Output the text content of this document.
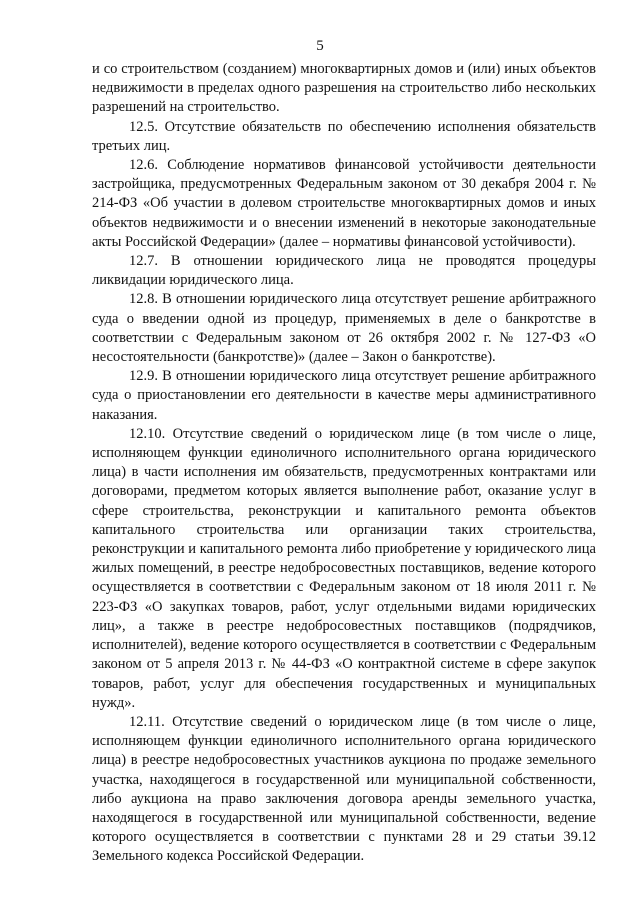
5

и со строительством (созданием) многоквартирных домов и (или) иных объектов недвижимости в пределах одного разрешения на строительство либо нескольких разрешений на строительство.

12.5. Отсутствие обязательств по обеспечению исполнения обязательств третьих лиц.

12.6. Соблюдение нормативов финансовой устойчивости деятельности застройщика, предусмотренных Федеральным законом от 30 декабря 2004 г. № 214-ФЗ «Об участии в долевом строительстве многоквартирных домов и иных объектов недвижимости и о внесении изменений в некоторые законодательные акты Российской Федерации» (далее – нормативы финансовой устойчивости).

12.7. В отношении юридического лица не проводятся процедуры ликвидации юридического лица.

12.8. В отношении юридического лица отсутствует решение арбитражного суда о введении одной из процедур, применяемых в деле о банкротстве в соответствии с Федеральным законом от 26 октября 2002 г. № 127-ФЗ «О несостоятельности (банкротстве)» (далее – Закон о банкротстве).

12.9. В отношении юридического лица отсутствует решение арбитражного суда о приостановлении его деятельности в качестве меры административного наказания.

12.10. Отсутствие сведений о юридическом лице (в том числе о лице, исполняющем функции единоличного исполнительного органа юридического лица) в части исполнения им обязательств, предусмотренных контрактами или договорами, предметом которых является выполнение работ, оказание услуг в сфере строительства, реконструкции и капитального ремонта объектов капитального строительства или организации таких строительства, реконструкции и капитального ремонта либо приобретение у юридического лица жилых помещений, в реестре недобросовестных поставщиков, ведение которого осуществляется в соответствии с Федеральным законом от 18 июля 2011 г. № 223-ФЗ «О закупках товаров, работ, услуг отдельными видами юридических лиц», а также в реестре недобросовестных поставщиков (подрядчиков, исполнителей), ведение которого осуществляется в соответствии с Федеральным законом от 5 апреля 2013 г. № 44-ФЗ «О контрактной системе в сфере закупок товаров, работ, услуг для обеспечения государственных и муниципальных нужд».

12.11. Отсутствие сведений о юридическом лице (в том числе о лице, исполняющем функции единоличного исполнительного органа юридического лица) в реестре недобросовестных участников аукциона по продаже земельного участка, находящегося в государственной или муниципальной собственности, либо аукциона на право заключения договора аренды земельного участка, находящегося в государственной или муниципальной собственности, ведение которого осуществляется в соответствии с пунктами 28 и 29 статьи 39.12 Земельного кодекса Российской Федерации.
